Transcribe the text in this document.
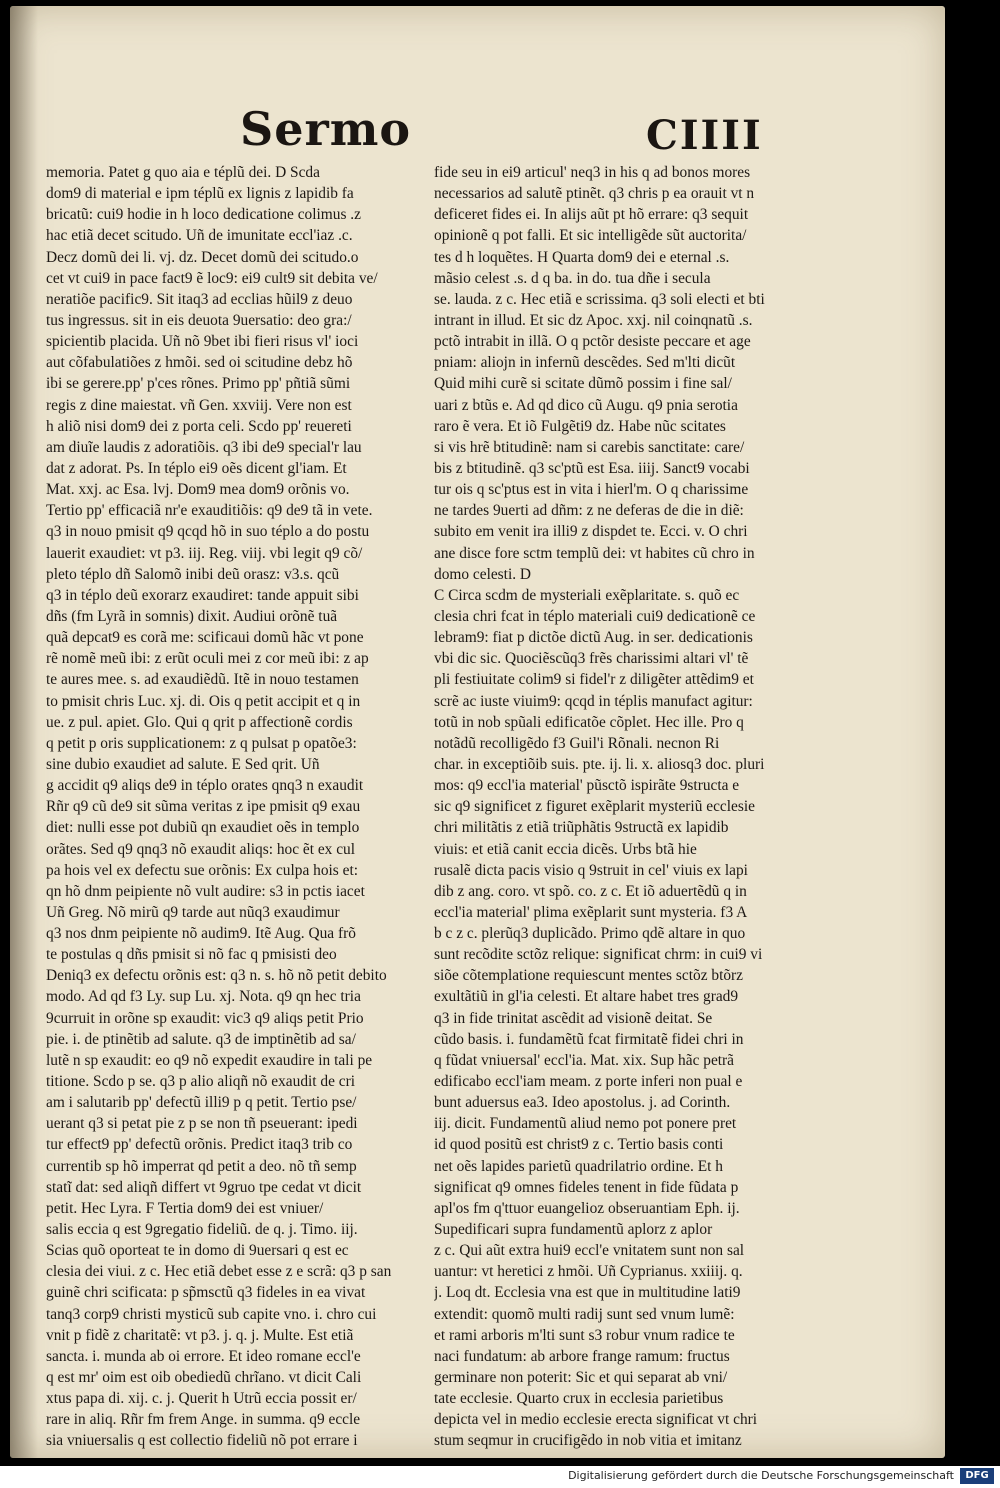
Sermo	CIIII
memoria. Patet g quo aia e téplũ dei. D Scda
dom9 di material e ipm téplũ ex lignis z lapidib fa
bricatũ: cui9 hodie in h loco dedicatione colimus .z
hac etiã decet scitudo. Uñ de imunitate eccl'iaz .c.
Decz domũ dei li. vj. dz. Decet domũ dei scitudo.o
cet vt cui9 in pace fact9 ẽ loc9: ei9 cult9 sit debita ve/
neratiõe pacific9. Sit itaq3 ad ecclias hũil9 z deuo
tus ingressus. sit in eis deuota 9uersatio: deo gra:/
spicientib placida. Uñ nõ 9bet ibi fieri risus vl' ioci
aut cõfabulatiões z hmõi. sed oi scitudine debz hõ
ibi se gerere.pp' p'ces rõnes. Primo pp' pñtiã sũmi
regis z dine maiestat. vñ Gen. xxviij. Vere non est
h aliõ nisi dom9 dei z porta celi. Scdo pp' reuereti
am diuĩe laudis z adoratiõis. q3 ibi de9 special'r lau
dat z adorat. Ps. In téplo ei9 oẽs dicent gl'iam. Et
Mat. xxj. ac Esa. lvj. Dom9 mea dom9 orõnis vo.
Tertio pp' efficaciã nr'e exauditiõis: q9 de9 tã in vete.
q3 in nouo pmisit q9 qcqd hõ in suo téplo a do postu
lauerit exaudiet: vt p3. iij. Reg. viij. vbi legit q9 cõ/
pleto téplo dñ Salomõ inibi deũ orasz: v3.s. qcũ
q3 in téplo deũ exorarz exaudiret: tande appuit sibi
dñs (fm Lyrã in somnis) dixit. Audiui orõnẽ tuã
quã depcat9 es corã me: scificaui domũ hãc vt pone
rẽ nomẽ meũ ibi: z erũt oculi mei z cor meũ ibi: z ap
te aures mee. s. ad exaudiẽdũ. Itẽ in nouo testamen
to pmisit chris Luc. xj. di. Ois q petit accipit et q in
ue. z pul. apiet. Glo. Qui q qrit p affectionẽ cordis
q petit p oris supplicationem: z q pulsat p opatõe3:
sine dubio exaudiet ad salute. E Sed qrit. Uñ
g accidit q9 aliqs de9 in téplo orates qnq3 n exaudit
Rñr q9 cũ de9 sit sũma veritas z ipe pmisit q9 exau
diet: nulli esse pot dubiũ qn exaudiet oẽs in templo
orãtes. Sed q9 qnq3 nõ exaudit aliqs: hoc ẽt ex cul
pa hois vel ex defectu sue orõnis: Ex culpa hois et:
qn hõ dnm peipiente nõ vult audire: s3 in pctis iacet
Uñ Greg. Nõ mirũ q9 tarde aut nũq3 exaudimur
q3 nos dnm peipiente nõ audim9. Itẽ Aug. Qua frõ
te postulas q dñs pmisit si nõ fac q pmisisti deo
Deniq3 ex defectu orõnis est: q3 n. s. hõ nõ petit debito
modo. Ad qd f3 Ly. sup Lu. xj. Nota. q9 qn hec tria
9curruit in orõne sp exaudit: vic3 q9 aliqs petit Prio
pie. i. de ptinẽtib ad salute. q3 de imptinẽtib ad sa/
lutẽ n sp exaudit: eo q9 nõ expedit exaudire in tali pe
titione. Scdo p se. q3 p alio aliqñ nõ exaudit de cri
am i salutarib pp' defectũ illi9 p q petit. Tertio pse/
uerant q3 si petat pie z p se non tñ pseuerant: ipedi
tur effect9 pp' defectũ orõnis. Predict itaq3 trib co
currentib sp hõ imperrat qd petit a deo. nõ tñ semp
statĩ dat: sed aliqñ differt vt 9gruo tpe cedat vt dicit
petit. Hec Lyra. F Tertia dom9 dei est vniuer/
salis eccia q est 9gregatio fideliũ. de q. j. Timo. iij.
Scias quõ oporteat te in domo di 9uersari q est ec
clesia dei viui. z c. Hec etiã debet esse z e scrã: q3 p san
guinẽ chri scificata: p sp̃msctũ q3 fideles in ea vivat
tanq3 corp9 christi mysticũ sub capite vno. i. chro cui
vnit p fidẽ z charitatẽ: vt p3. j. q. j. Multe. Est etiã
sancta. i. munda ab oi errore. Et ideo romane eccl'e
q est mr' oim est oib obediedũ chrĩano. vt dicit Cali
xtus papa di. xij. c. j. Querit h Utrũ eccia possit er/
rare in aliq. Rñr fm frem Ange. in summa. q9 eccle
sia vniuersalis q est collectio fideliũ nõ pot errare i
fide seu in ei9 articul' neq3 in his q ad bonos mores
necessarios ad salutẽ ptinẽt. q3 chris p ea orauit vt n
deficeret fides ei. In alijs aũt pt hõ errare: q3 sequit
opinionẽ q pot falli. Et sic intelligẽde sũt auctorita/
tes d h loquẽtes. H Quarta dom9 dei e eternal .s.
mãsio celest .s. d q ba. in do. tua dñe i secula
se. lauda. z c. Hec etiã e scrissima. q3 soli electi et bti
intrant in illud. Et sic dz Apoc. xxj. nil coinqnatũ .s.
pctõ intrabit in illã. O q pctõr desiste peccare et age
pniam: aliojn in infernũ descẽdes. Sed m'lti dicũt
Quid mihi curẽ si scitate dũmõ possim i fine sal/
uari z btũs e. Ad qd dico cũ Augu. q9 pnia serotia
raro ẽ vera. Et iõ Fulgẽti9 dz. Habe nũc scitates
si vis hrẽ btitudinẽ: nam si carebis sanctitate: care/
bis z btitudinẽ. q3 sc'ptũ est Esa. iiij. Sanct9 vocabi
tur ois q sc'ptus est in vita i hierl'm. O q charissime
ne tardes 9uerti ad dñm: z ne deferas de die in diẽ:
subito em venit ira illi9 z dispdet te. Ecci. v. O chri
ane disce fore sctm templũ dei: vt habites cũ chro in
domo celesti. D
C Circa scdm de mysteriali exẽplaritate. s. quõ ec
clesia chri fcat in téplo materiali cui9 dedicationẽ ce
lebram9: fiat p dictõe dictũ Aug. in ser. dedicationis
vbi dic sic. Quociẽscũq3 frẽs charissimi altari vl' tẽ
pli festiuitate colim9 si fidel'r z diligẽter attẽdim9 et
scrẽ ac iuste viuim9: qcqd in téplis manufact agitur:
totũ in nob spũali edificatõe cõplet. Hec ille. Pro q
notãdũ recolligẽdo f3 Guil'i Rõnali. necnon Ri
char. in exceptiõib suis. pte. ij. li. x. aliosq3 doc. pluri
mos: q9 eccl'ia material' pũsctõ ispirãte 9structa e
sic q9 significet z figuret exẽplarit mysteriũ ecclesie
chri militãtis z etiã triũphãtis 9structã ex lapidib
viuis: et etiã canit eccia dicẽs. Urbs btã hie
rusalẽ dicta pacis visio q 9struit in cel' viuis ex lapi
dib z ang. coro. vt spõ. co. z c. Et iõ aduertẽdũ q in
eccl'ia material' plima exẽplarit sunt mysteria. f3 A
b c z c. plerũq3 duplicãdo. Primo qdẽ altare in quo
sunt recõdite sctõz relique: significat chrm: in cui9 vi
siõe cõtemplatione requiescunt mentes sctõz btõrz
exultãtiũ in gl'ia celesti. Et altare habet tres grad9
q3 in fide trinitat ascẽdit ad visionẽ deitat. Se
cũdo basis. i. fundamẽtũ fcat firmitatẽ fidei chri in
q fũdat vniuersal' eccl'ia. Mat. xix. Sup hãc petrã
edificabo eccl'iam meam. z porte inferi non pual e
bunt aduersus ea3. Ideo apostolus. j. ad Corinth.
iij. dicit. Fundamentũ aliud nemo pot ponere pret
id quod positũ est christ9 z c. Tertio basis conti
net oẽs lapides parietũ quadrilatrio ordine. Et h
significat q9 omnes fideles tenent in fide fũdata p
apl'os fm q'ttuor euangelioz obseruantiam Eph. ij.
Supedificari supra fundamentũ aplorz z aplor
z c. Qui aũt extra hui9 eccl'e vnitatem sunt non sal
uantur: vt heretici z hmõi. Uñ Cyprianus. xxiiij. q.
j. Loq dt. Ecclesia vna est que in multitudine lati9
extendit: quomõ multi radij sunt sed vnum lumẽ:
et rami arboris m'lti sunt s3 robur vnum radice te
naci fundatum: ab arbore frange ramum: fructus
germinare non poterit: Sic et qui separat ab vni/
tate ecclesie. Quarto crux in ecclesia parietibus
depicta vel in medio ecclesie erecta significat vt chri
stum seqmur in crucifigẽdo in nob vitia et imitanz
Digitalisierung gefördert durch die Deutsche Forschungsgemeinschaft	DFG
